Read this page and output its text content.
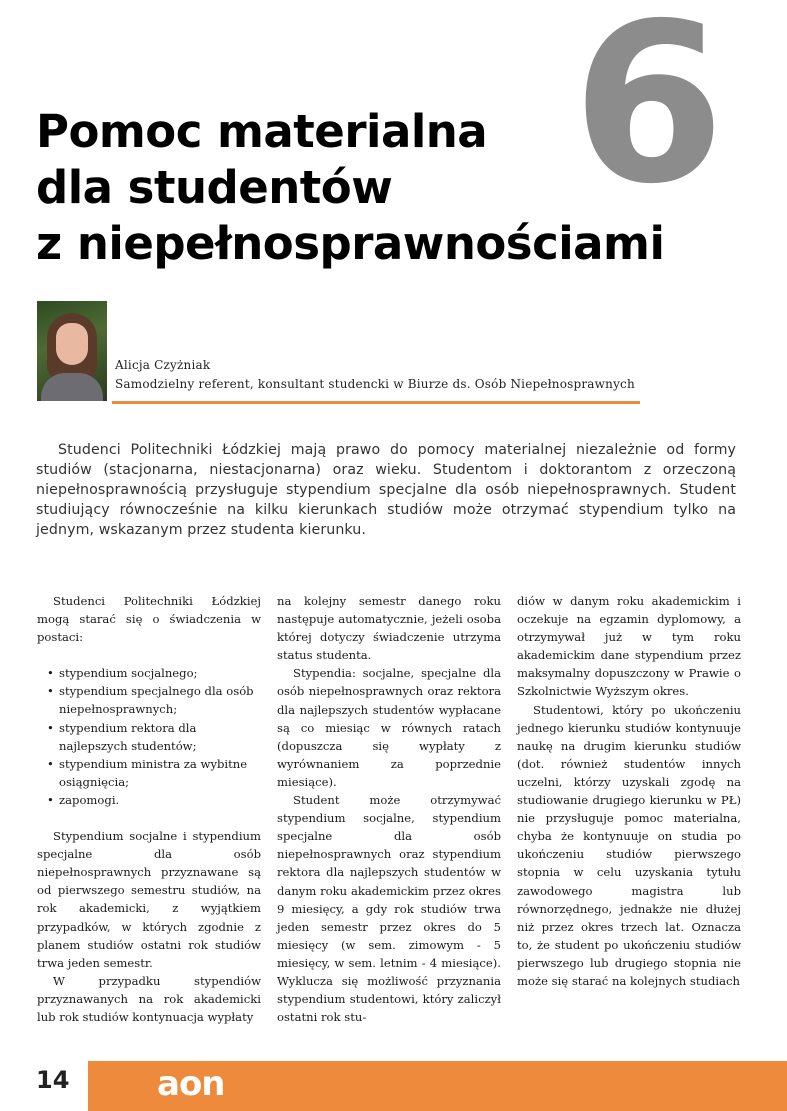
6
Pomoc materialna
dla studentów
z niepełnosprawnościami
Alicja Czyżniak
Samodzielny referent, konsultant studencki w Biurze ds. Osób Niepełnosprawnych

Studenci Politechniki Łódzkiej mają prawo do pomocy materialnej niezależnie od formy studiów (stacjonarna, niestacjonarna) oraz wieku. Studentom i doktorantom z orzeczoną niepełnosprawnością przysługuje stypendium specjalne dla osób niepełnosprawnych. Student studiujący równocześnie na kilku kierunkach studiów może otrzymać stypendium tylko na jednym, wskazanym przez studenta kierunku.

Studenci Politechniki Łódzkiej mogą starać się o świadczenia w postaci:

• stypendium socjalnego;
• stypendium specjalnego dla osób niepełnosprawnych;
• stypendium rektora dla najlepszych studentów;
• stypendium ministra za wybitne osiągnięcia;
• zapomogi.

Stypendium socjalne i stypendium specjalne dla osób niepełnosprawnych przyznawane są od pierwszego semestru studiów, na rok akademicki, z wyjątkiem przypadków, w których zgodnie z planem studiów ostatni rok studiów trwa jeden semestr.

W przypadku stypendiów przyznawanych na rok akademicki lub rok studiów kontynuacja wypłaty

na kolejny semestr danego roku następuje automatycznie, jeżeli osoba której dotyczy świadczenie utrzyma status studenta.

Stypendia: socjalne, specjalne dla osób niepełnosprawnych oraz rektora dla najlepszych studentów wypłacane są co miesiąc w równych ratach (dopuszcza się wypłaty z wyrównaniem za poprzednie miesiące).

Student może otrzymywać stypendium socjalne, stypendium specjalne dla osób niepełnosprawnych oraz stypendium rektora dla najlepszych studentów w danym roku akademickim przez okres 9 miesięcy, a gdy rok studiów trwa jeden semestr przez okres do 5 miesięcy (w sem. zimowym - 5 miesięcy, w sem. letnim - 4 miesiące). Wyklucza się możliwość przyznania stypendium studentowi, który zaliczył ostatni rok stu-

diów w danym roku akademickim i oczekuje na egzamin dyplomowy, a otrzymywał już w tym roku akademickim dane stypendium przez maksymalny dopuszczony w Prawie o Szkolnictwie Wyższym okres.

Studentowi, który po ukończeniu jednego kierunku studiów kontynuuje naukę na drugim kierunku studiów (dot. również studentów innych uczelni, którzy uzyskali zgodę na studiowanie drugiego kierunku w PŁ) nie przysługuje pomoc materialna, chyba że kontynuuje on studia po ukończeniu studiów pierwszego stopnia w celu uzyskania tytułu zawodowego magistra lub równorzędnego, jednakże nie dłużej niż przez okres trzech lat. Oznacza to, że student po ukończeniu studiów pierwszego lub drugiego stopnia nie może się starać na kolejnych studiach

14	aon
